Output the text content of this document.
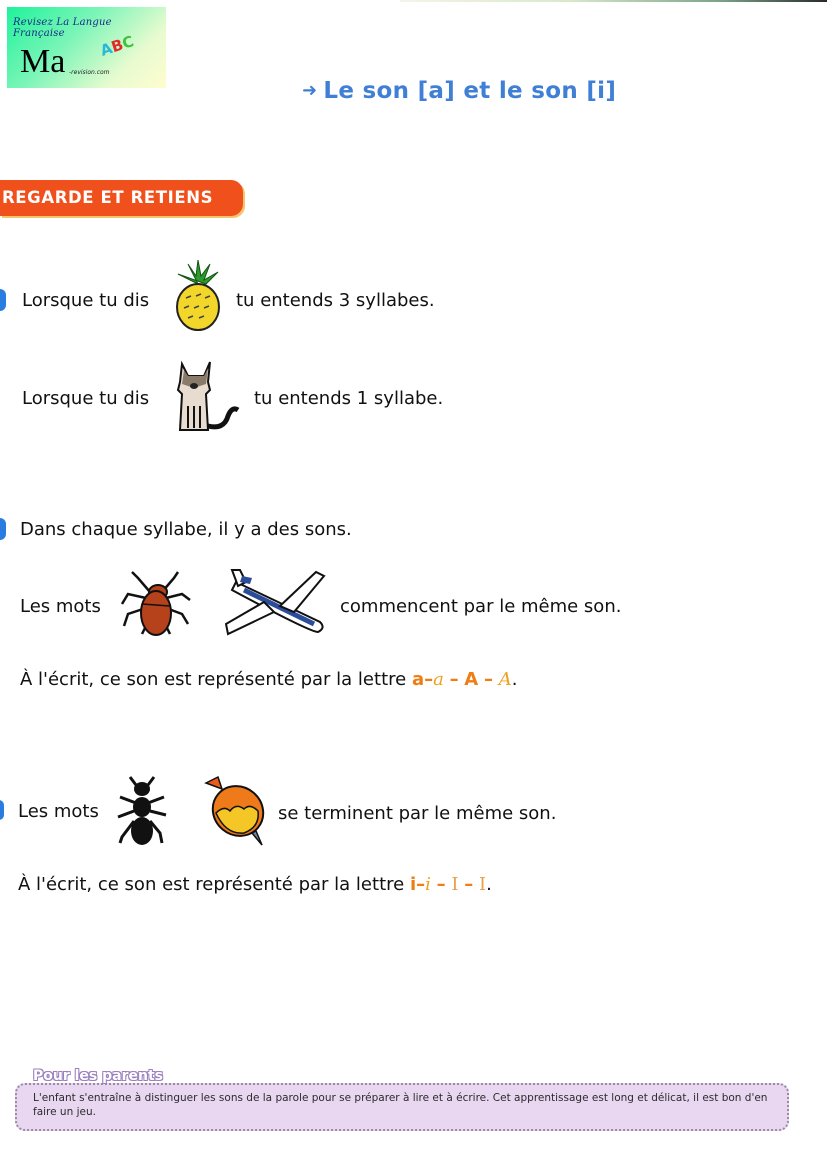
Revisez La Langue Française
Ma -revision.com
ABC
➜ Le son [a] et le son [i]
REGARDE ET RETIENS
Lorsque tu dis	tu entends 3 syllabes.
Lorsque tu dis	tu entends 1 syllabe.
Dans chaque syllabe, il y a des sons.
Les mots	commencent par le même son.
À l'écrit, ce son est représenté par la lettre a–a – A – A.
Les mots	se terminent par le même son.
À l'écrit, ce son est représenté par la lettre i–i – I – I.
L'enfant s'entraîne à distinguer les sons de la parole pour se préparer à lire et à écrire. Cet apprentissage est long et délicat, il est bon d'en faire un jeu.
Pour les parents
